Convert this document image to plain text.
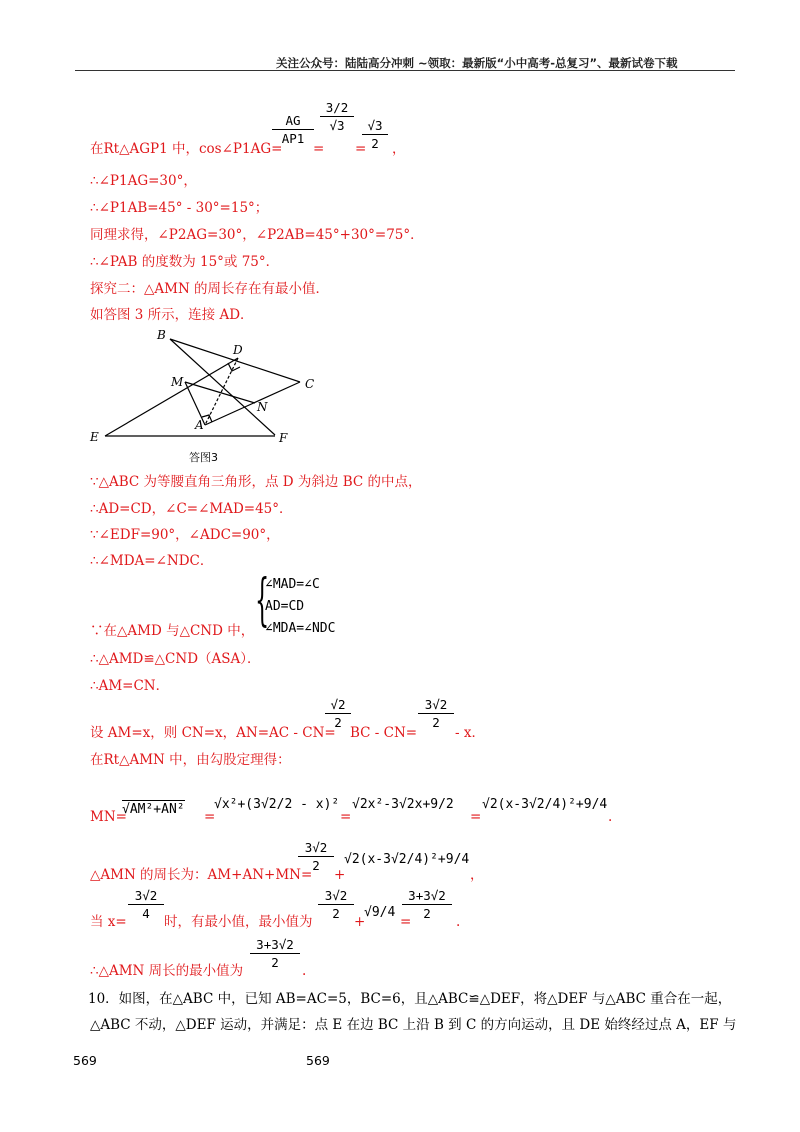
关注公众号：陆陆高分冲刺 ~领取：最新版“小中高考-总复习”、最新试卷下载
在Rt△AGP1 中，cos∠P1AG=
AG
AP1
=
3/2
√3
=
√3
2 ，
∴∠P1AG=30°，
∴∠P1AB=45° - 30°=15°；
同理求得，∠P2AG=30°，∠P2AB=45°+30°=75°．
∴∠PAB 的度数为 15°或 75°．
探究二：△AMN 的周长存在有最小值．
如答图 3 所示，连接 AD．
B
D
C
M
N
A
E	F
答图3
∵△ABC 为等腰直角三角形，点 D 为斜边 BC 的中点，
∴AD=CD，∠C=∠MAD=45°．
∵∠EDF=90°，∠ADC=90°，
∴∠MDA=∠NDC．
{
∠MAD=∠C
AD=CD
∠MDA=∠NDC
∵在△AMD 与△CND 中，
∴△AMD≌△CND（ASA）．
∴AM=CN．
设 AM=x，则 CN=x，AN=AC - CN=
√2
2
BC - CN=
3√2
2
- x．
在Rt△AMN 中，由勾股定理得：
MN=
√AM²+AN² =
√x²+(3√2/2 - x)²
=
√2x²-3√2x+9/2
=
√2(x-3√2/4)²+9/4
.
△AMN 的周长为：AM+AN+MN=
3√2
2
+
√2(x-3√2/4)²+9/4
，
当 x=
3√2
4
时，有最小值，最小值为
3√2
2
+
√9/4
=
3+3√2
2
.
∴△AMN 周长的最小值为
3+3√2
2
.
10．如图，在△ABC 中，已知 AB=AC=5，BC=6，且△ABC≌△DEF，将△DEF 与△ABC 重合在一起，
△ABC 不动，△DEF 运动，并满足：点 E 在边 BC 上沿 B 到 C 的方向运动，且 DE 始终经过点 A，EF 与
569	569
